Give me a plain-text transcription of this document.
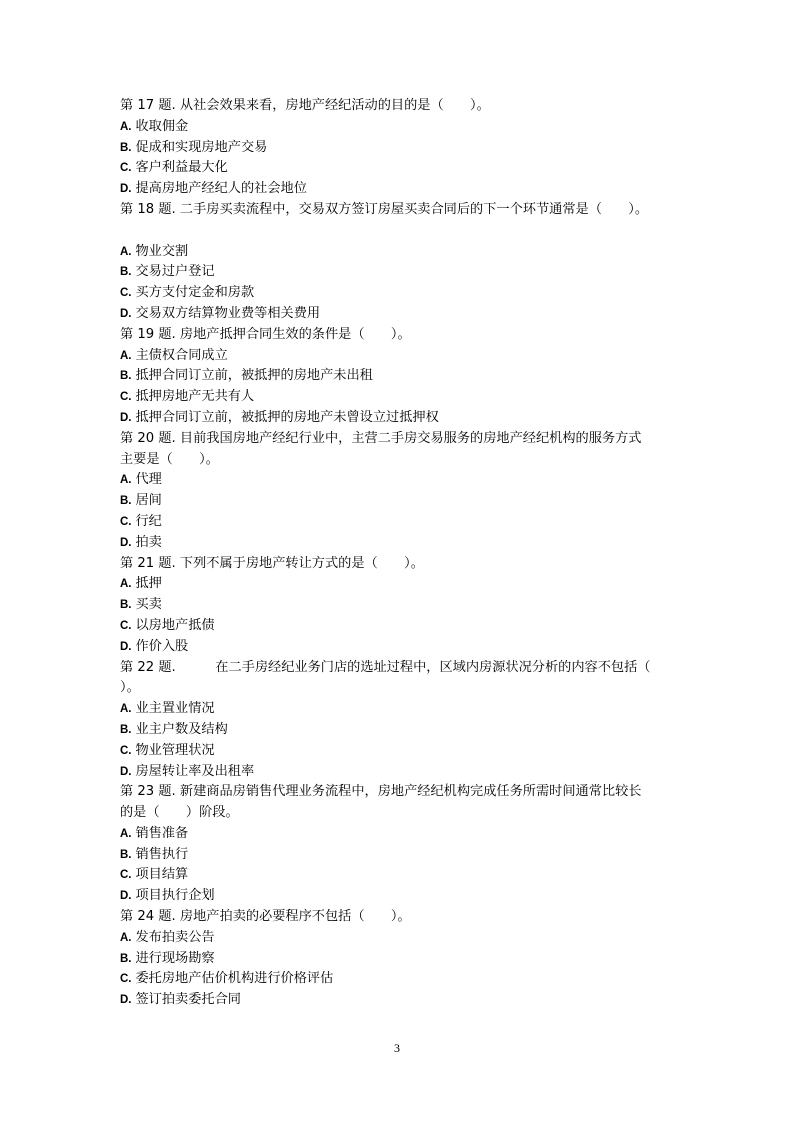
第 17 题. 从社会效果来看，房地产经纪活动的目的是（　　）。
A. 收取佣金
B. 促成和实现房地产交易
C. 客户利益最大化
D. 提高房地产经纪人的社会地位
第 18 题. 二手房买卖流程中，交易双方签订房屋买卖合同后的下一个环节通常是（　　）。
A. 物业交割
B. 交易过户登记
C. 买方支付定金和房款
D. 交易双方结算物业费等相关费用
第 19 题. 房地产抵押合同生效的条件是（　　）。
A. 主债权合同成立
B. 抵押合同订立前，被抵押的房地产未出租
C. 抵押房地产无共有人
D. 抵押合同订立前，被抵押的房地产未曾设立过抵押权
第 20 题. 目前我国房地产经纪行业中，主营二手房交易服务的房地产经纪机构的服务方式
主要是（　　）。
A. 代理
B. 居间
C. 行纪
D. 拍卖
第 21 题. 下列不属于房地产转让方式的是（　　）。
A. 抵押
B. 买卖
C. 以房地产抵债
D. 作价入股
第 22 题.　　　在二手房经纪业务门店的选址过程中，区域内房源状况分析的内容不包括（
）。
A. 业主置业情况
B. 业主户数及结构
C. 物业管理状况
D. 房屋转让率及出租率
第 23 题. 新建商品房销售代理业务流程中，房地产经纪机构完成任务所需时间通常比较长
的是（　　）阶段。
A. 销售准备
B. 销售执行
C. 项目结算
D. 项目执行企划
第 24 题. 房地产拍卖的必要程序不包括（　　）。
A. 发布拍卖公告
B. 进行现场勘察
C. 委托房地产估价机构进行价格评估
D. 签订拍卖委托合同
3
